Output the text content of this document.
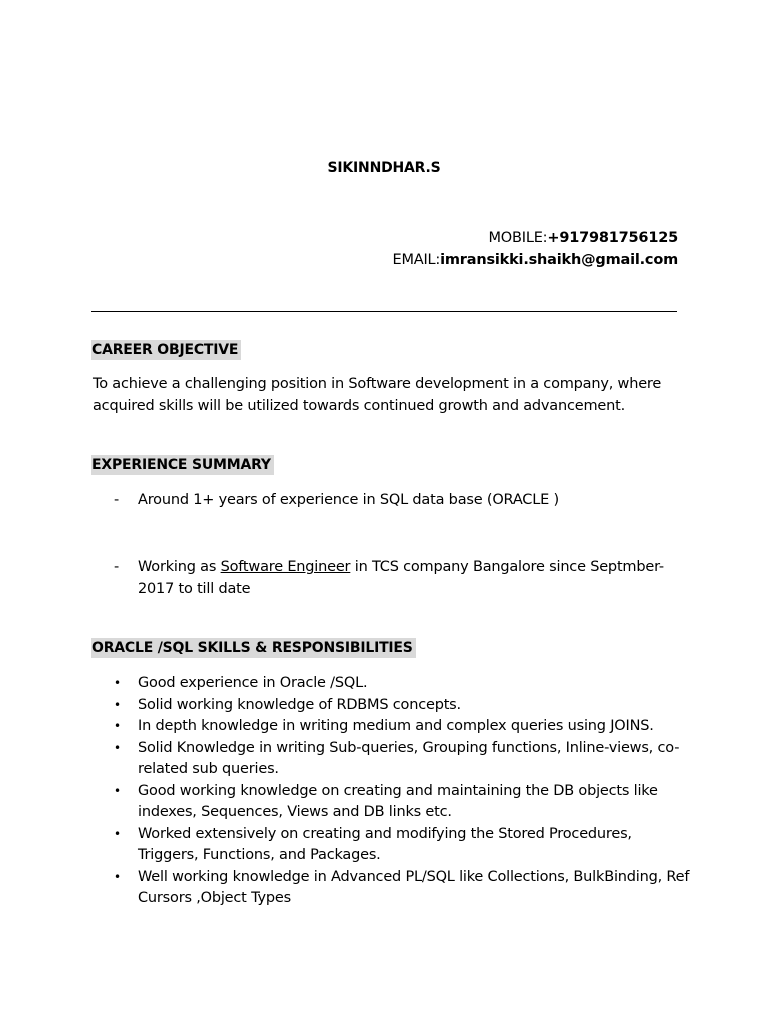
SIKINNDHAR.S
MOBILE:+917981756125
EMAIL:imransikki.shaikh@gmail.com
CAREER OBJECTIVE
To achieve a challenging position in Software development in a company, where acquired skills will be utilized towards continued growth and advancement.
EXPERIENCE SUMMARY
- Around 1+ years of experience in SQL data base (ORACLE )
- Working as Software Engineer in TCS company Bangalore since Septmber-2017 to till date
ORACLE /SQL SKILLS & RESPONSIBILITIES
• Good experience in Oracle /SQL.
• Solid working knowledge of RDBMS concepts.
• In depth knowledge in writing medium and complex queries using JOINS.
• Solid Knowledge in writing Sub-queries, Grouping functions, Inline-views, co-related sub queries.
• Good working knowledge on creating and maintaining the DB objects like indexes, Sequences, Views and DB links etc.
• Worked extensively on creating and modifying the Stored Procedures, Triggers, Functions, and Packages.
• Well working knowledge in Advanced PL/SQL like Collections, BulkBinding, Ref Cursors ,Object Types
